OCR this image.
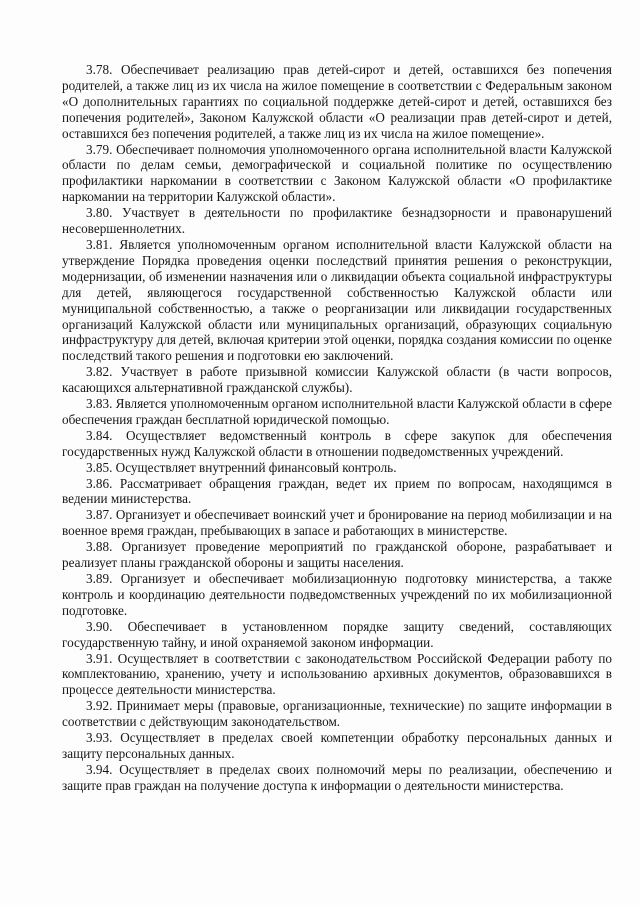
3.78. Обеспечивает реализацию прав детей-сирот и детей, оставшихся без попечения родителей, а также лиц из их числа на жилое помещение в соответствии с Федеральным законом «О дополнительных гарантиях по социальной поддержке детей-сирот и детей, оставшихся без попечения родителей», Законом Калужской области «О реализации прав детей-сирот и детей, оставшихся без попечения родителей, а также лиц из их числа на жилое помещение».

3.79. Обеспечивает полномочия уполномоченного органа исполнительной власти Калужской области по делам семьи, демографической и социальной политике по осуществлению профилактики наркомании в соответствии с Законом Калужской области «О профилактике наркомании на территории Калужской области».

3.80. Участвует в деятельности по профилактике безнадзорности и правонарушений несовершеннолетних.

3.81. Является уполномоченным органом исполнительной власти Калужской области на утверждение Порядка проведения оценки последствий принятия решения о реконструкции, модернизации, об изменении назначения или о ликвидации объекта социальной инфраструктуры для детей, являющегося государственной собственностью Калужской области или муниципальной собственностью, а также о реорганизации или ликвидации государственных организаций Калужской области или муниципальных организаций, образующих социальную инфраструктуру для детей, включая критерии этой оценки, порядка создания комиссии по оценке последствий такого решения и подготовки ею заключений.

3.82. Участвует в работе призывной комиссии Калужской области (в части вопросов, касающихся альтернативной гражданской службы).

3.83. Является уполномоченным органом исполнительной власти Калужской области в сфере обеспечения граждан бесплатной юридической помощью.

3.84. Осуществляет ведомственный контроль в сфере закупок для обеспечения государственных нужд Калужской области в отношении подведомственных учреждений.

3.85. Осуществляет внутренний финансовый контроль.

3.86. Рассматривает обращения граждан, ведет их прием по вопросам, находящимся в ведении министерства.

3.87. Организует и обеспечивает воинский учет и бронирование на период мобилизации и на военное время граждан, пребывающих в запасе и работающих в министерстве.

3.88. Организует проведение мероприятий по гражданской обороне, разрабатывает и реализует планы гражданской обороны и защиты населения.

3.89. Организует и обеспечивает мобилизационную подготовку министерства, а также контроль и координацию деятельности подведомственных учреждений по их мобилизационной подготовке.

3.90. Обеспечивает в установленном порядке защиту сведений, составляющих государственную тайну, и иной охраняемой законом информации.

3.91. Осуществляет в соответствии с законодательством Российской Федерации работу по комплектованию, хранению, учету и использованию архивных документов, образовавшихся в процессе деятельности министерства.

3.92. Принимает меры (правовые, организационные, технические) по защите информации в соответствии с действующим законодательством.

3.93. Осуществляет в пределах своей компетенции обработку персональных данных и защиту персональных данных.

3.94. Осуществляет в пределах своих полномочий меры по реализации, обеспечению и защите прав граждан на получение доступа к информации о деятельности министерства.
